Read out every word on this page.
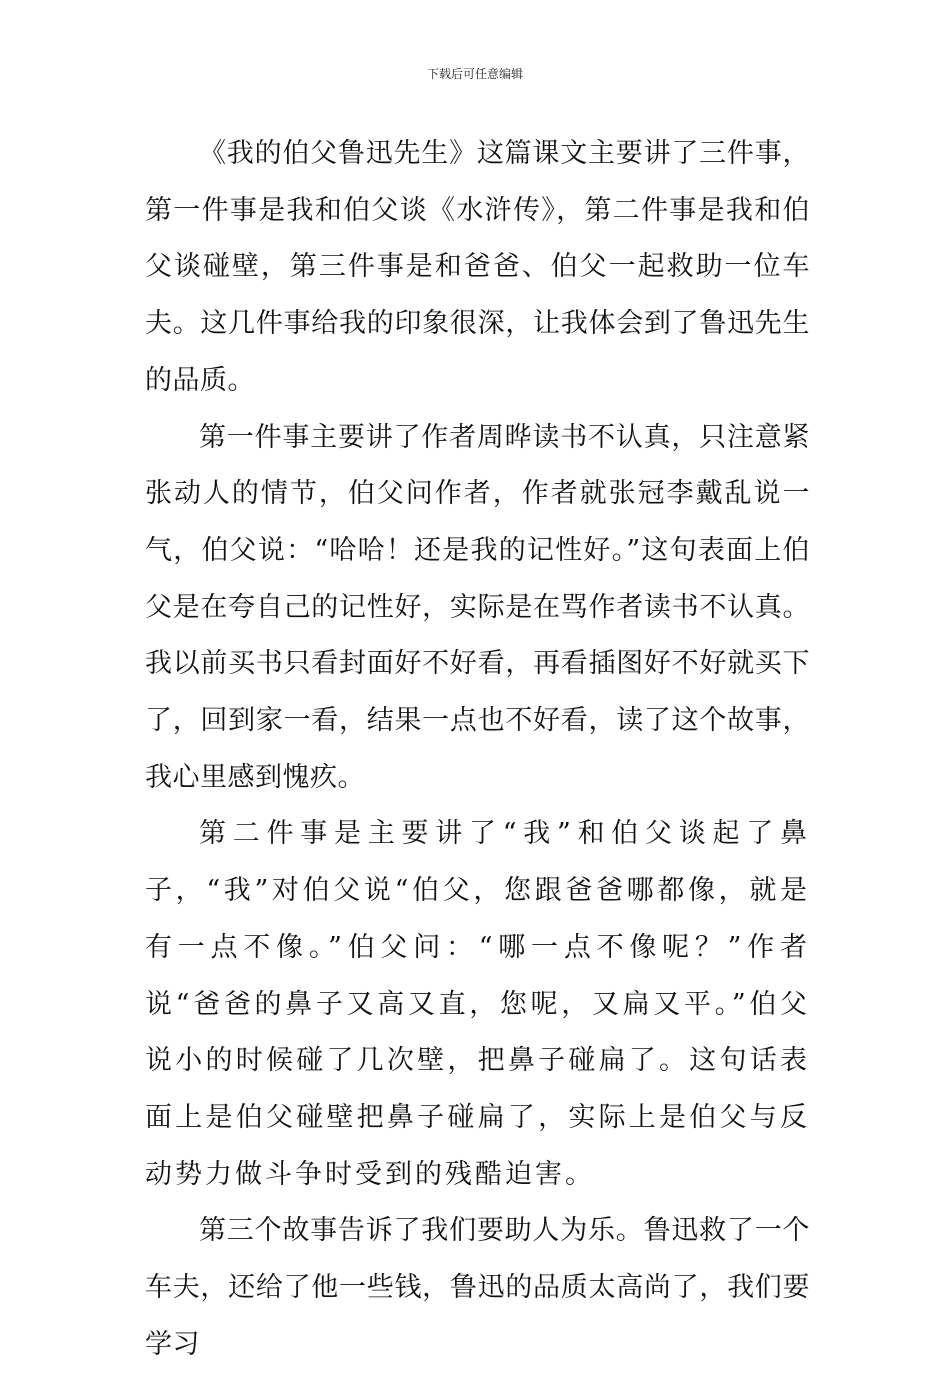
下载后可任意编辑

《我的伯父鲁迅先生》这篇课文主要讲了三件事，第一件事是我和伯父谈《水浒传》，第二件事是我和伯父谈碰壁，第三件事是和爸爸、伯父一起救助一位车夫。这几件事给我的印象很深，让我体会到了鲁迅先生的品质。

第一件事主要讲了作者周晔读书不认真，只注意紧张动人的情节，伯父问作者，作者就张冠李戴乱说一气，伯父说：“哈哈！还是我的记性好。”这句表面上伯父是在夸自己的记性好，实际是在骂作者读书不认真。我以前买书只看封面好不好看，再看插图好不好就买下了，回到家一看，结果一点也不好看，读了这个故事，我心里感到愧疚。

第二件事是主要讲了“我”和伯父谈起了鼻子，“我”对伯父说“伯父，您跟爸爸哪都像，就是有一点不像。”伯父问：“哪一点不像呢？”作者说“爸爸的鼻子又高又直，您呢，又扁又平。”伯父说小的时候碰了几次壁，把鼻子碰扁了。这句话表面上是伯父碰壁把鼻子碰扁了，实际上是伯父与反动势力做斗争时受到的残酷迫害。

第三个故事告诉了我们要助人为乐。鲁迅救了一个车夫，还给了他一些钱，鲁迅的品质太高尚了，我们要学习
